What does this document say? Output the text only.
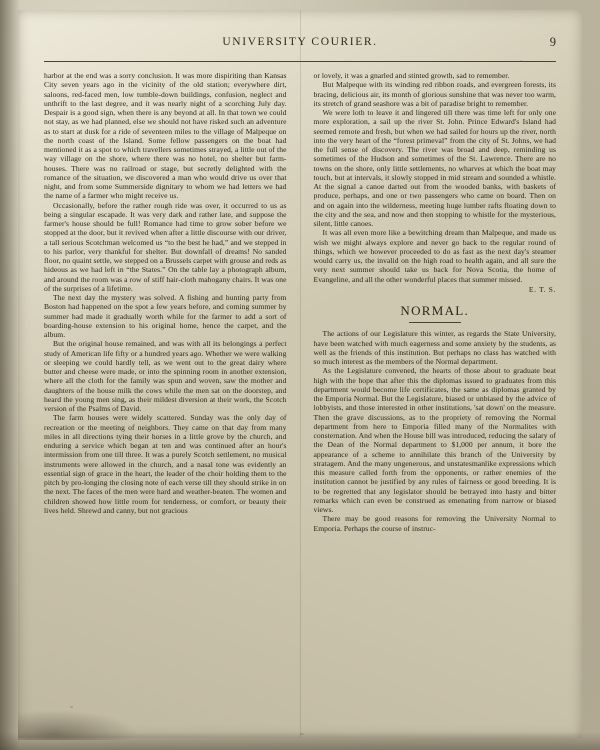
UNIVERSITY COURIER.	9

harbor at the end was a sorry conclusion. It was more dispiriting than Kansas City seven years ago in the vicinity of the old station; everywhere dirt, saloons, red-faced men, low tumble-down buildings, confusion, neglect and unthrift to the last degree, and it was nearly night of a scorching July day. Despair is a good sign, when there is any beyond at all. In that town we could not stay, as we had planned, else we should not have risked such an adventure as to start at dusk for a ride of seventeen miles to the village of Malpeque on the north coast of the Island. Some fellow passengers on the boat had mentioned it as a spot to which travellers sometimes strayed, a little out of the way village on the shore, where there was no hotel, no shelter but farm-houses. There was no railroad or stage, but secretly delighted with the romance of the situation, we discovered a man who would drive us over that night, and from some Summerside dignitary to whom we had letters we had the name of a farmer who might receive us.

Occasionally, before the rather rough ride was over, it occurred to us as being a singular escapade. It was very dark and rather late, and suppose the farmer's house should be full! Romance had time to grow sober before we stopped at the door, but it revived when after a little discourse with our driver, a tall serious Scotchman welcomed us “to the best he had,” and we stepped in to his parlor, very thankful for shelter. But downfall of dreams! No sanded floor, no quaint settle, we stepped on a Brussels carpet with grouse and reds as hideous as we had left in “the States.” On the table lay a photograph album, and around the room was a row of stiff hair-cloth mahogany chairs. It was one of the surprises of a lifetime.

The next day the mystery was solved. A fishing and hunting party from Boston had happened on the spot a few years before, and coming summer by summer had made it gradually worth while for the farmer to add a sort of boarding-house extension to his original home, hence the carpet, and the album.

But the original house remained, and was with all its belongings a perfect study of American life fifty or a hundred years ago. Whether we were walking or sleeping we could hardly tell, as we went out to the great dairy where butter and cheese were made, or into the spinning room in another extension, where all the cloth for the family was spun and woven, saw the mother and daughters of the house milk the cows while the men sat on the doorstep, and heard the young men sing, as their mildest diversion at their work, the Scotch version of the Psalms of David.

The farm houses were widely scattered. Sunday was the only day of recreation or the meeting of neighbors. They came on that day from many miles in all directions tying their horses in a little grove by the church, and enduring a service which began at ten and was continued after an hour's intermission from one till three. It was a purely Scotch settlement, no musical instruments were allowed in the church, and a nasal tone was evidently an essential sign of grace in the heart, the leader of the choir holding them to the pitch by pro-longing the closing note of each verse till they should strike in on the next. The faces of the men were hard and weather-beaten. The women and children showed how little room for tenderness, or comfort, or beauty their lives held. Shrewd and canny, but not gracious

or lovely, it was a gnarled and stinted growth, sad to remember.

But Malpeque with its winding red ribbon roads, and evergreen forests, its bracing, delicious air, its month of glorious sunshine that was never too warm, its stretch of grand seashore was a bit of paradise bright to remember.

We were loth to leave it and lingered till there was time left for only one more exploration, a sail up the river St. John. Prince Edward's Island had seemed remote and fresh, but when we had sailed for hours up the river, north into the very heart of the “forest primeval” from the city of St. Johns, we had the full sense of discovery. The river was broad and deep, reminding us sometimes of the Hudson and sometimes of the St. Lawrence. There are no towns on the shore, only little settlements, no wharves at which the boat may touch, but at intervals, it slowly stopped in mid stream and sounded a whistle. At the signal a canoe darted out from the wooded banks, with baskets of produce, perhaps, and one or two passengers who came on board. Then on and on again into the wilderness, meeting huge lumber rafts floating down to the city and the sea, and now and then stopping to whistle for the mysterious, silent, little canoes.

It was all even more like a bewitching dream than Malpeque, and made us wish we might always explore and never go back to the regular round of things, which we however proceeded to do as fast as the next day's steamer would carry us, the invalid on the high road to health again, and all sure the very next summer should take us back for Nova Scotia, the home of Evangeline, and all the other wonderful places that summer missed.

E. T. S.
NORMAL.

The actions of our Legislature this winter, as regards the State University, have been watched with much eagerness and some anxiety by the students, as well as the friends of this institution. But perhaps no class has watched with so much interest as the members of the Normal department.

As the Legislature convened, the hearts of those about to graduate beat high with the hope that after this the diplomas issued to graduates from this department would become life certificates, the same as diplomas granted by the Emporia Normal. But the Legislature, biased or unbiased by the advice of lobbyists, and those interested in other institutions, 'sat down' on the measure. Then the grave discussions, as to the propriety of removing the Normal department from here to Emporia filled many of the Normalites with consternation. And when the House bill was introduced, reducing the salary of the Dean of the Normal department to $1,000 per annum, it bore the appearance of a scheme to annihilate this branch of the University by stratagem. And the many ungenerous, and unstatesmanlike expressions which this measure called forth from the opponents, or rather enemies of the institution cannot be justified by any rules of fairness or good breeding. It is to be regretted that any legislator should be betrayed into hasty and bitter remarks which can even be construed as emenating from narrow or biased views.

There may be good reasons for removing the University Normal to Emporia. Perhaps the course of instruc-
